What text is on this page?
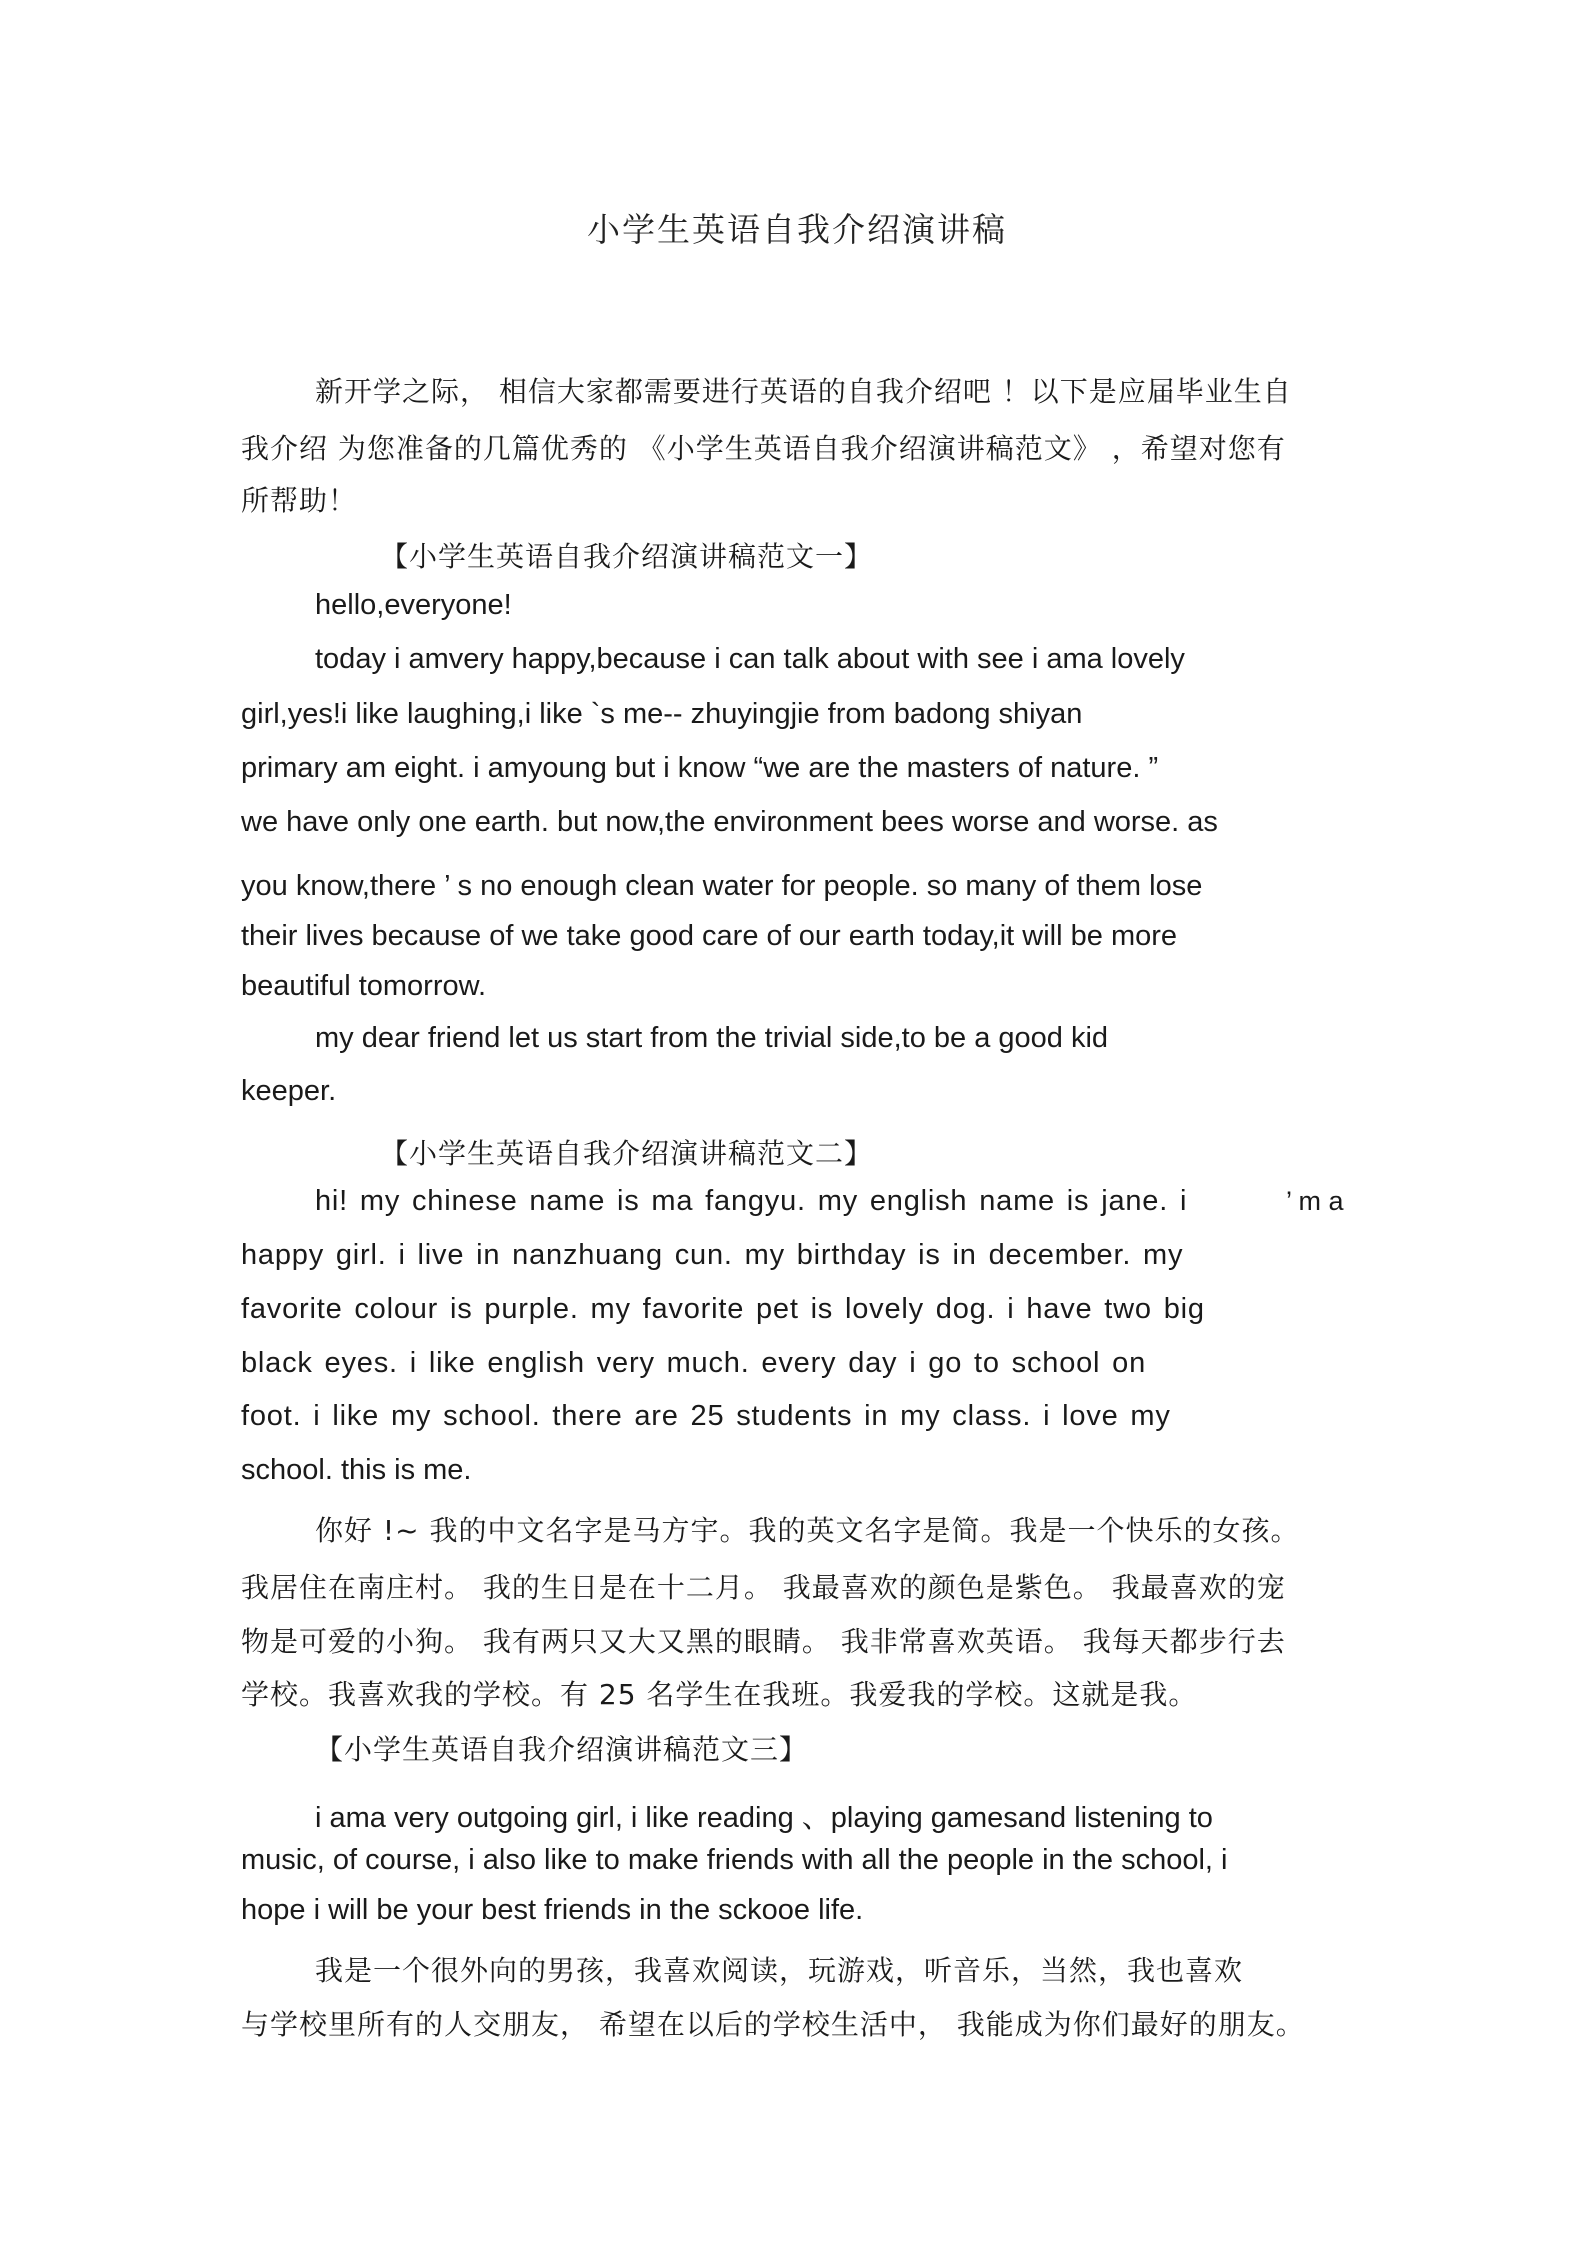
小学生英语自我介绍演讲稿
新开学之际， 相信大家都需要进行英语的自我介绍吧 ！以下是应届毕业生自
我介绍 为您准备的几篇优秀的 《小学生英语自我介绍演讲稿范文》 ，希望对您有
所帮助！
【小学生英语自我介绍演讲稿范文一】
hello,everyone!
today i amvery happy,because i can talk about with see i ama lovely
girl,yes!i like laughing,i like `s me-- zhuyingjie from badong shiyan
primary am eight. i amyoung but i know “we are the masters of nature. ”
we have only one earth. but now,the environment bees worse and worse. as
you know,there ’ s no enough clean water for people. so many of them lose
their lives because of we take good care of our earth today,it will be more
beautiful tomorrow.
my dear friend let us start from the trivial side,to be a good kid
keeper.
【小学生英语自我介绍演讲稿范文二】
hi! my chinese name is ma fangyu. my english name is jane. i	’ m a
happy girl. i live in nanzhuang cun. my birthday is in december. my
favorite colour is purple. my favorite pet is lovely dog. i have two big
black eyes. i like english very much. every day i go to school on
foot. i like my school. there are 25 students in my class. i love my
school. this is me.
你好 !~ 我的中文名字是马方宇。我的英文名字是简。我是一个快乐的女孩。
我居住在南庄村。 我的生日是在十二月。 我最喜欢的颜色是紫色。 我最喜欢的宠
物是可爱的小狗。 我有两只又大又黑的眼睛。 我非常喜欢英语。 我每天都步行去
学校。我喜欢我的学校。有 25 名学生在我班。我爱我的学校。这就是我。
【小学生英语自我介绍演讲稿范文三】
i ama very outgoing girl, i like reading 、playing gamesand listening to
music, of course, i also like to make friends with all the people in the school, i
hope i will be your best friends in the sckooe life.
我是一个很外向的男孩，我喜欢阅读，玩游戏，听音乐，当然，我也喜欢
与学校里所有的人交朋友， 希望在以后的学校生活中， 我能成为你们最好的朋友。
